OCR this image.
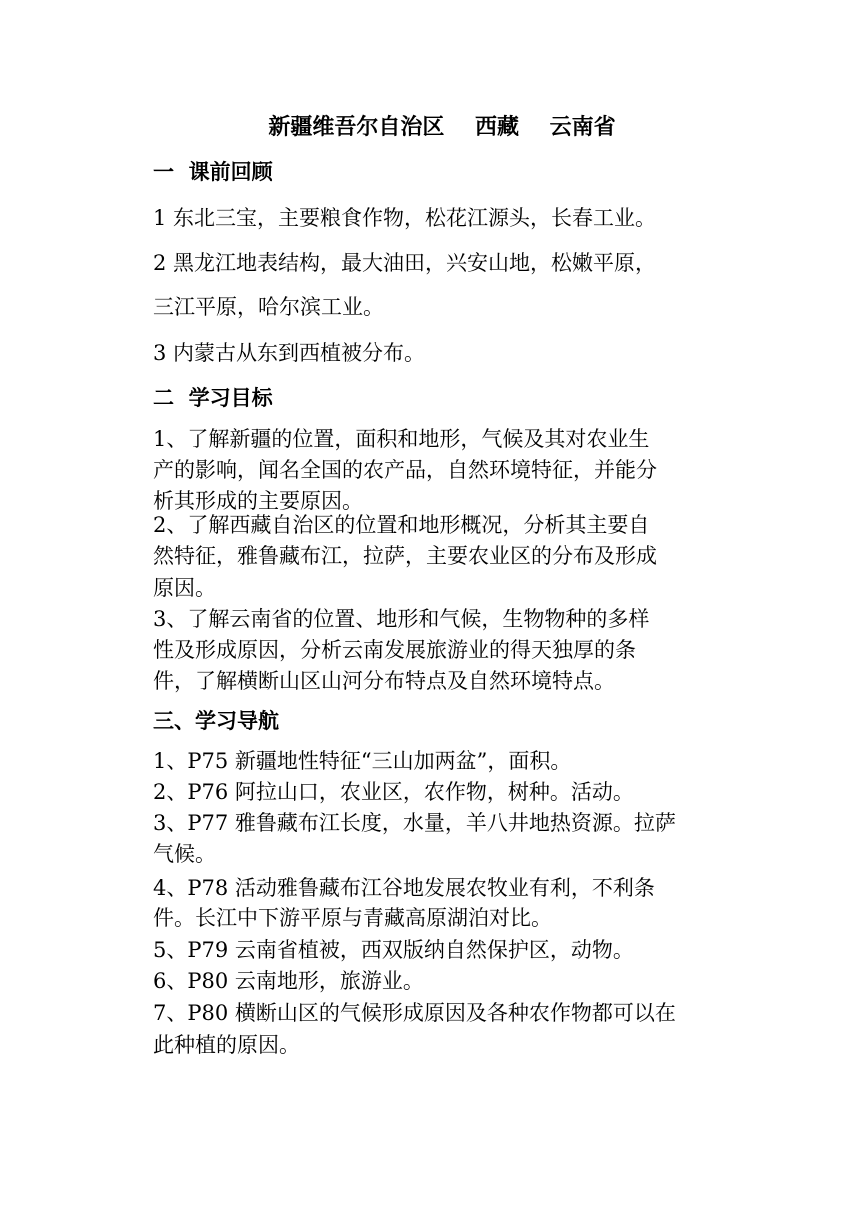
新疆维吾尔自治区    西藏    云南省
一  课前回顾
1 东北三宝，主要粮食作物，松花江源头，长春工业。
2 黑龙江地表结构，最大油田，兴安山地，松嫩平原，
三江平原，哈尔滨工业。
3 内蒙古从东到西植被分布。
二  学习目标
1、了解新疆的位置，面积和地形，气候及其对农业生
产的影响，闻名全国的农产品，自然环境特征，并能分
析其形成的主要原因。
2、了解西藏自治区的位置和地形概况，分析其主要自
然特征，雅鲁藏布江，拉萨，主要农业区的分布及形成
原因。
3、了解云南省的位置、地形和气候，生物物种的多样
性及形成原因，分析云南发展旅游业的得天独厚的条
件，了解横断山区山河分布特点及自然环境特点。
三、学习导航
1、P75 新疆地性特征“三山加两盆”，面积。
2、P76 阿拉山口，农业区，农作物，树种。活动。
3、P77 雅鲁藏布江长度，水量，羊八井地热资源。拉萨
气候。
4、P78 活动雅鲁藏布江谷地发展农牧业有利，不利条
件。长江中下游平原与青藏高原湖泊对比。
5、P79 云南省植被，西双版纳自然保护区，动物。
6、P80 云南地形，旅游业。
7、P80 横断山区的气候形成原因及各种农作物都可以在
此种植的原因。
